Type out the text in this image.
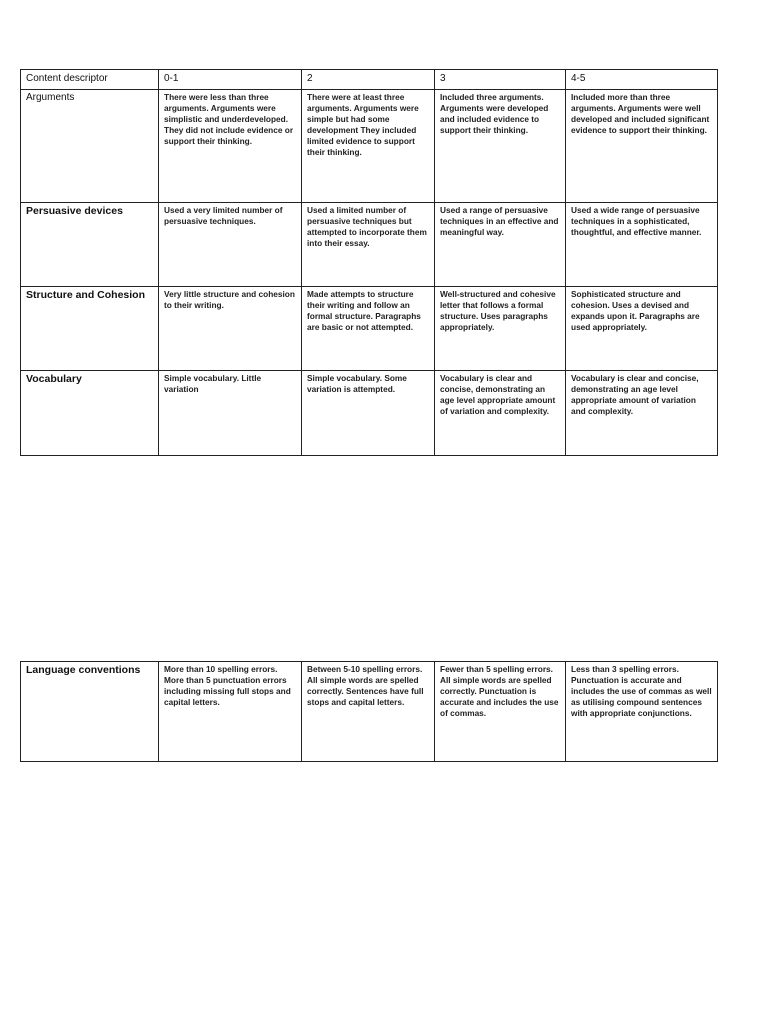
Content descriptor	0-1	2	3	4-5
Arguments	There were less than three arguments. Arguments were simplistic and underdeveloped. They did not include evidence or support their thinking.	There were at least three arguments. Arguments were simple but had some development They included limited evidence to support their thinking.	Included three arguments. Arguments were developed and included evidence to support their thinking.	Included more than three arguments. Arguments were well developed and included significant evidence to support their thinking.
Persuasive devices	Used a very limited number of persuasive techniques.	Used a limited number of persuasive techniques but attempted to incorporate them into their essay.	Used a range of persuasive techniques in an effective and meaningful way.	Used a wide range of persuasive techniques in a sophisticated, thoughtful, and effective manner.
Structure and Cohesion	Very little structure and cohesion to their writing.	Made attempts to structure their writing and follow an formal structure. Paragraphs are basic or not attempted.	Well-structured and cohesive letter that follows a formal structure. Uses paragraphs appropriately.	Sophisticated structure and cohesion. Uses a devised and expands upon it. Paragraphs are used appropriately.
Vocabulary	Simple vocabulary. Little variation	Simple vocabulary. Some variation is attempted.	Vocabulary is clear and concise, demonstrating an age level appropriate amount of variation and complexity.	Vocabulary is clear and concise, demonstrating an age level appropriate amount of variation and complexity.
Language conventions	More than 10 spelling errors. More than 5 punctuation errors including missing full stops and capital letters.	Between 5-10 spelling errors. All simple words are spelled correctly. Sentences have full stops and capital letters.	Fewer than 5 spelling errors. All simple words are spelled correctly. Punctuation is accurate and includes the use of commas.	Less than 3 spelling errors. Punctuation is accurate and includes the use of commas as well as utilising compound sentences with appropriate conjunctions.
